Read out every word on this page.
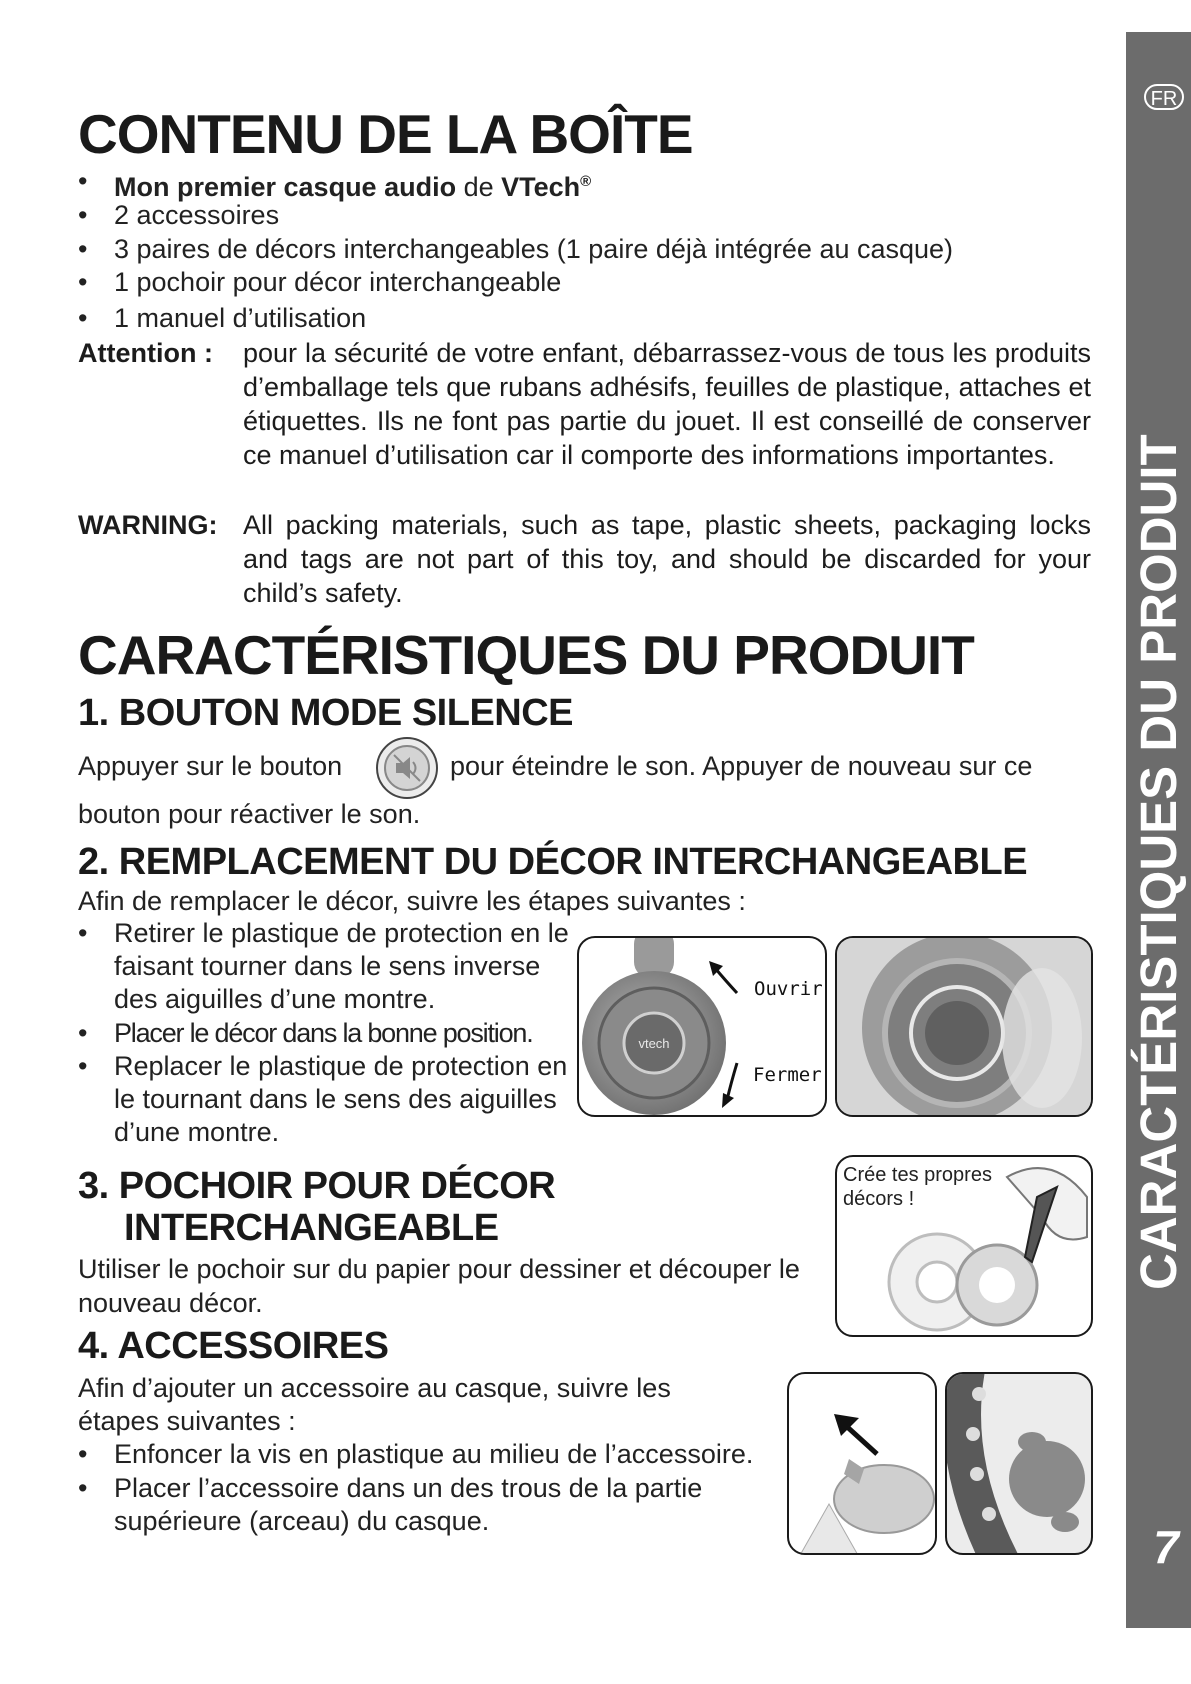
FR
CARACTÉRISTIQUES DU PRODUIT
7
CONTENU DE LA BOÎTE
• Mon premier casque audio de VTech®
• 2 accessoires
• 3 paires de décors interchangeables (1 paire déjà intégrée au casque)
• 1 pochoir pour décor interchangeable
• 1 manuel d’utilisation
Attention : pour la sécurité de votre enfant, débarrassez-vous de tous les produits d’emballage tels que rubans adhésifs, feuilles de plastique, attaches et étiquettes. Ils ne font pas partie du jouet. Il est conseillé de conserver ce manuel d’utilisation car il comporte des informations importantes.
WARNING: All packing materials, such as tape, plastic sheets, packaging locks and tags are not part of this toy, and should be discarded for your child’s safety.
CARACTÉRISTIQUES DU PRODUIT
1. BOUTON MODE SILENCE
Appuyer sur le bouton	pour éteindre le son. Appuyer de nouveau sur ce
bouton pour réactiver le son.
2. REMPLACEMENT DU DÉCOR INTERCHANGEABLE
Afin de remplacer le décor, suivre les étapes suivantes :
• Retirer le plastique de protection en le faisant tourner dans le sens inverse des aiguilles d’une montre.
• Placer le décor dans la bonne position.
• Replacer le plastique de protection en le tournant dans le sens des aiguilles d’une montre.
vtech
Ouvrir
Fermer
3. POCHOIR POUR DÉCOR
INTERCHANGEABLE
Utiliser le pochoir sur du papier pour dessiner et découper le nouveau décor.
Crée tes propres décors !
4. ACCESSOIRES
Afin d’ajouter un accessoire au casque, suivre les étapes suivantes :
• Enfoncer la vis en plastique au milieu de l’accessoire.
• Placer l’accessoire dans un des trous de la partie supérieure (arceau) du casque.
